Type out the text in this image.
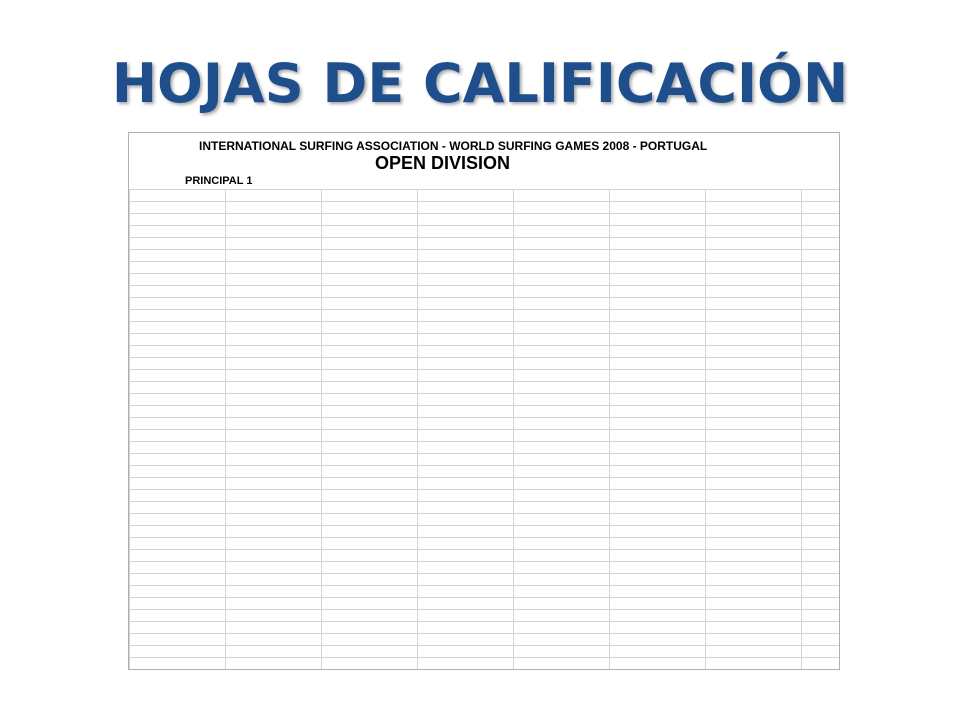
HOJAS DE CALIFICACIÓN
INTERNATIONAL SURFING ASSOCIATION - WORLD SURFING GAMES 2008 - PORTUGAL
OPEN DIVISION
PRINCIPAL 1
